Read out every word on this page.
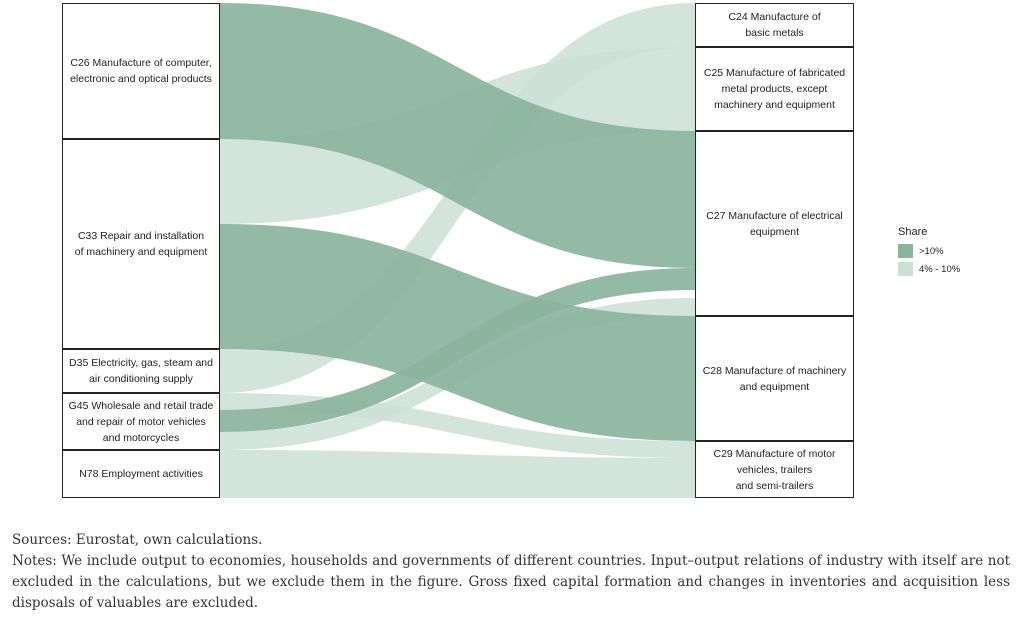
C26 Manufacture of computer,
electronic and optical products
C33 Repair and installation
of machinery and equipment
D35 Electricity, gas, steam and
air conditioning supply
G45 Wholesale and retail trade
and repair of motor vehicles
and motorcycles
N78 Employment activities
C24 Manufacture of
basic metals
C25 Manufacture of fabricated
metal products, except
machinery and equipment
C27 Manufacture of electrical
equipment
C28 Manufacture of machinery
and equipment
C29 Manufacture of motor
vehicles, trailers
and semi-trailers
Share
>10%
4% - 10%

Sources: Eurostat, own calculations.

Notes: We include output to economies, households and governments of different countries. Input–output relations of industry with itself are not excluded in the calculations, but we exclude them in the figure. Gross fixed capital formation and changes in inventories and acquisition less disposals of valuables are excluded.
